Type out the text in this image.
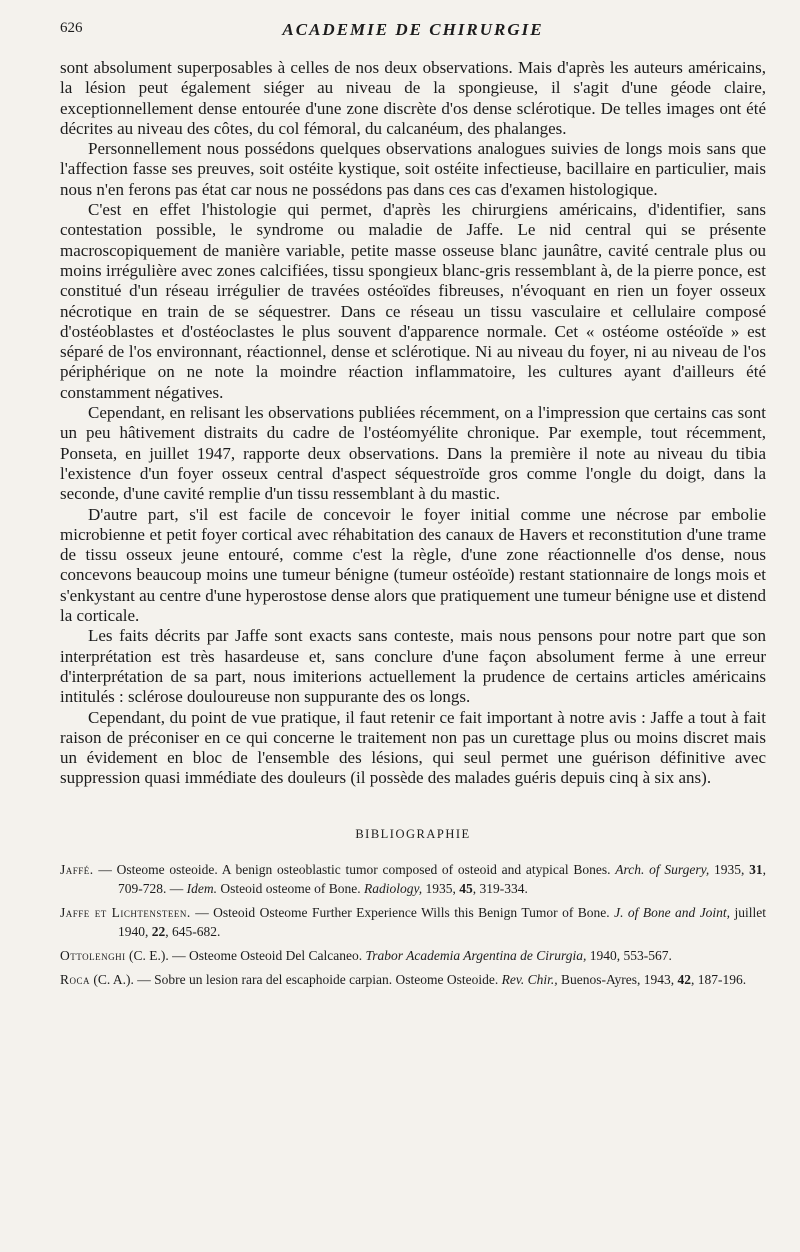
626	ACADEMIE DE CHIRURGIE

sont absolument superposables à celles de nos deux observations. Mais d'après les auteurs américains, la lésion peut également siéger au niveau de la spongieuse, il s'agit d'une géode claire, exceptionnellement dense entourée d'une zone discrète d'os dense sclérotique. De telles images ont été décrites au niveau des côtes, du col fémoral, du calcanéum, des phalanges.

Personnellement nous possédons quelques observations analogues suivies de longs mois sans que l'affection fasse ses preuves, soit ostéite kystique, soit ostéite infectieuse, bacillaire en particulier, mais nous n'en ferons pas état car nous ne possédons pas dans ces cas d'examen histologique.

C'est en effet l'histologie qui permet, d'après les chirurgiens américains, d'identifier, sans contestation possible, le syndrome ou maladie de Jaffe. Le nid central qui se présente macroscopiquement de manière variable, petite masse osseuse blanc jaunâtre, cavité centrale plus ou moins irrégulière avec zones calcifiées, tissu spongieux blanc-gris ressemblant à, de la pierre ponce, est constitué d'un réseau irrégulier de travées ostéoïdes fibreuses, n'évoquant en rien un foyer osseux nécrotique en train de se séquestrer. Dans ce réseau un tissu vasculaire et cellulaire composé d'ostéoblastes et d'ostéoclastes le plus souvent d'apparence normale. Cet « ostéome ostéoïde » est séparé de l'os environnant, réactionnel, dense et sclérotique. Ni au niveau du foyer, ni au niveau de l'os périphérique on ne note la moindre réaction inflammatoire, les cultures ayant d'ailleurs été constamment négatives.

Cependant, en relisant les observations publiées récemment, on a l'impression que certains cas sont un peu hâtivement distraits du cadre de l'ostéomyélite chronique. Par exemple, tout récemment, Ponseta, en juillet 1947, rapporte deux observations. Dans la première il note au niveau du tibia l'existence d'un foyer osseux central d'aspect séquestroïde gros comme l'ongle du doigt, dans la seconde, d'une cavité remplie d'un tissu ressemblant à du mastic.

D'autre part, s'il est facile de concevoir le foyer initial comme une nécrose par embolie microbienne et petit foyer cortical avec réhabitation des canaux de Havers et reconstitution d'une trame de tissu osseux jeune entouré, comme c'est la règle, d'une zone réactionnelle d'os dense, nous concevons beaucoup moins une tumeur bénigne (tumeur ostéoïde) restant stationnaire de longs mois et s'enkystant au centre d'une hyperostose dense alors que pratiquement une tumeur bénigne use et distend la corticale.

Les faits décrits par Jaffe sont exacts sans conteste, mais nous pensons pour notre part que son interprétation est très hasardeuse et, sans conclure d'une façon absolument ferme à une erreur d'interprétation de sa part, nous imiterions actuellement la prudence de certains articles américains intitulés : sclérose douloureuse non suppurante des os longs.

Cependant, du point de vue pratique, il faut retenir ce fait important à notre avis : Jaffe a tout à fait raison de préconiser en ce qui concerne le traitement non pas un curettage plus ou moins discret mais un évidement en bloc de l'ensemble des lésions, qui seul permet une guérison définitive avec suppression quasi immédiate des douleurs (il possède des malades guéris depuis cinq à six ans).

BIBLIOGRAPHIE

Jaffé. — Osteome osteoide. A benign osteoblastic tumor composed of osteoid and atypical Bones. Arch. of Surgery, 1935, 31, 709-728. — Idem. Osteoid osteome of Bone. Radiology, 1935, 45, 319-334.

Jaffe et Lichtensteen. — Osteoid Osteome Further Experience Wills this Benign Tumor of Bone. J. of Bone and Joint, juillet 1940, 22, 645-682.

Ottolenghi (C. E.). — Osteome Osteoid Del Calcaneo. Trabor Academia Argentina de Cirurgia, 1940, 553-567.

Roca (C. A.). — Sobre un lesion rara del escaphoide carpian. Osteome Osteoide. Rev. Chir., Buenos-Ayres, 1943, 42, 187-196.
